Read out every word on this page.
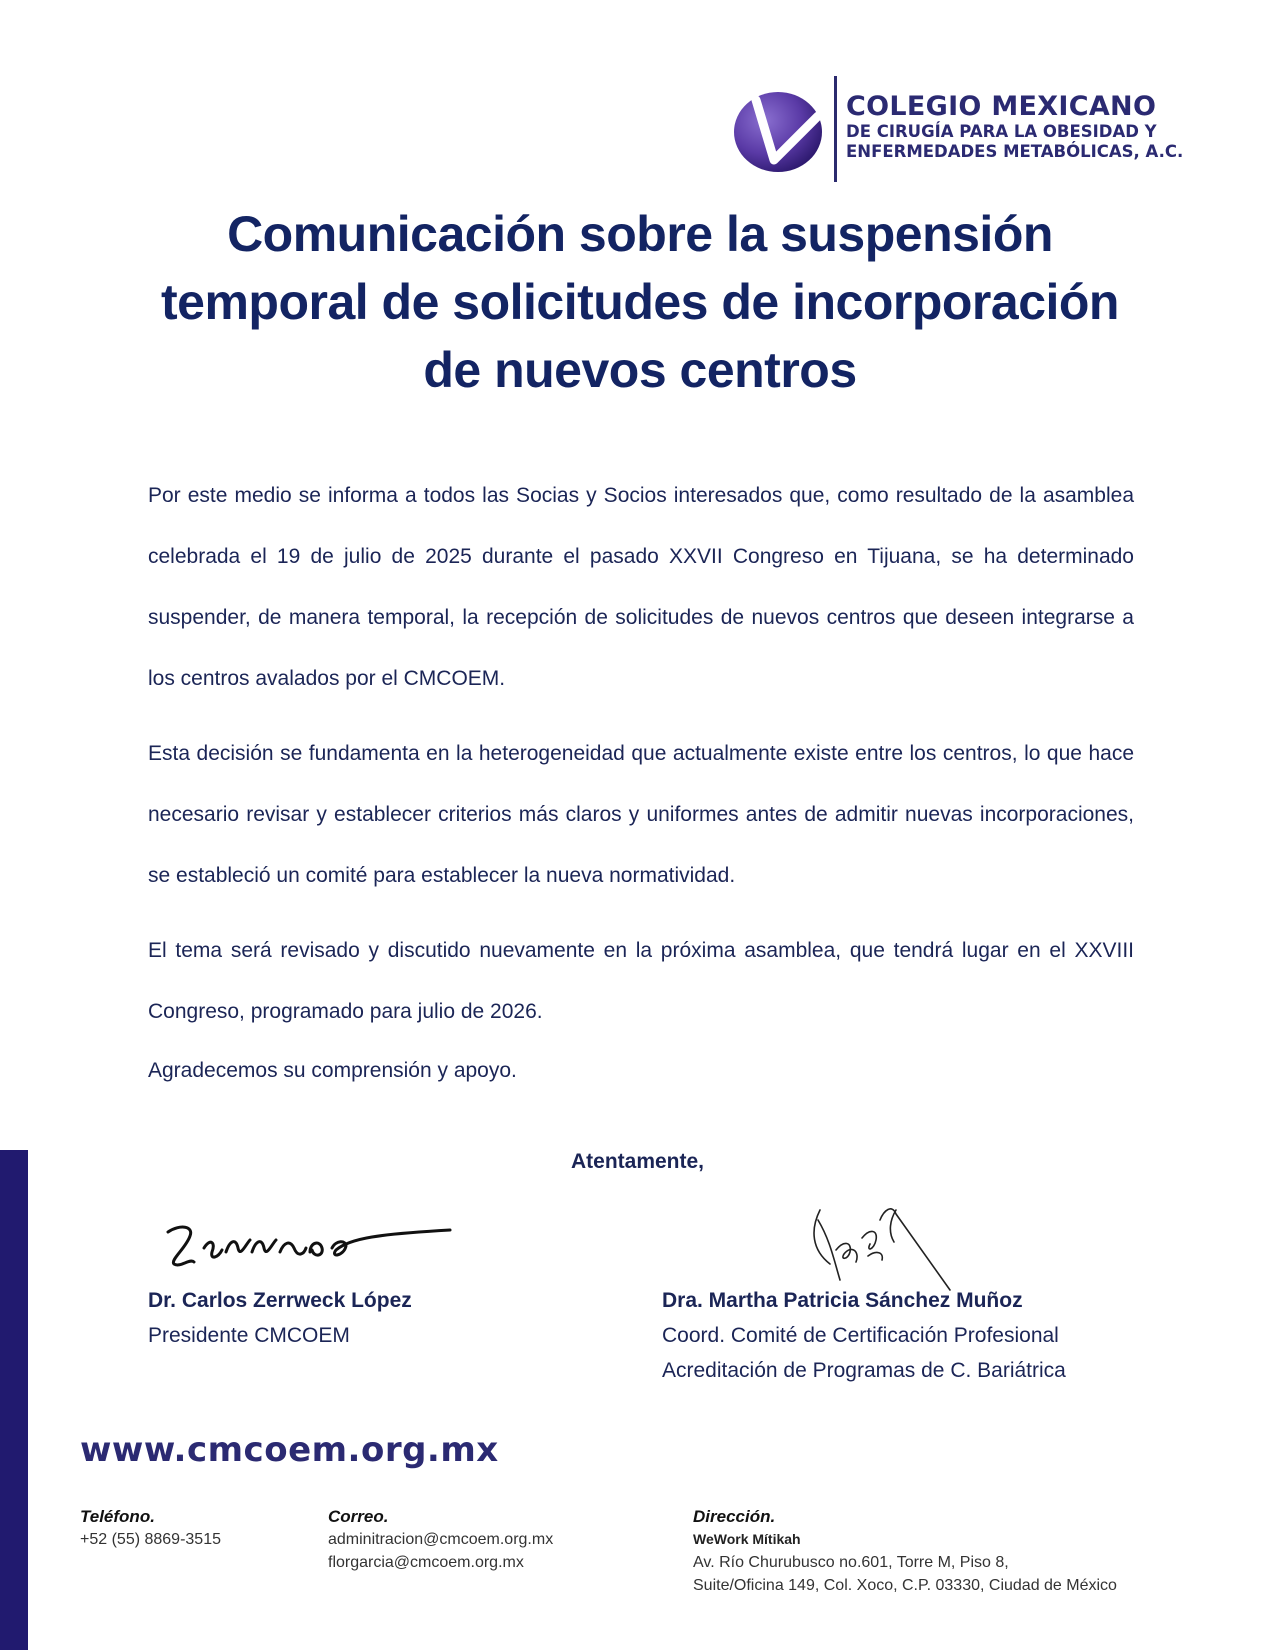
COLEGIO MEXICANO
DE CIRUGÍA PARA LA OBESIDAD Y
ENFERMEDADES METABÓLICAS, A.C.
Comunicación sobre la suspensión temporal de solicitudes de incorporación de nuevos centros

Por este medio se informa a todos las Socias y Socios interesados que, como resultado de la asamblea celebrada el 19 de julio de 2025 durante el pasado XXVII Congreso en Tijuana, se ha determinado suspender, de manera temporal, la recepción de solicitudes de nuevos centros que deseen integrarse a los centros avalados por el CMCOEM.

Esta decisión se fundamenta en la heterogeneidad que actualmente existe entre los centros, lo que hace necesario revisar y establecer criterios más claros y uniformes antes de admitir nuevas incorporaciones, se estableció un comité para establecer la nueva normatividad.

El tema será revisado y discutido nuevamente en la próxima asamblea, que tendrá lugar en el XXVIII Congreso, programado para julio de 2026.

Agradecemos su comprensión y apoyo.

Atentamente,
Dr. Carlos Zerrweck López
Presidente CMCOEM
Dra. Martha Patricia Sánchez Muñoz
Coord. Comité de Certificación Profesional
Acreditación de Programas de C. Bariátrica
www.cmcoem.org.mx
Teléfono.
+52 (55) 8869-3515
Correo.
adminitracion@cmcoem.org.mx
florgarcia@cmcoem.org.mx
Dirección.
WeWork Mítikah
Av. Río Churubusco no.601, Torre M, Piso 8,
Suite/Oficina 149, Col. Xoco, C.P. 03330, Ciudad de México
